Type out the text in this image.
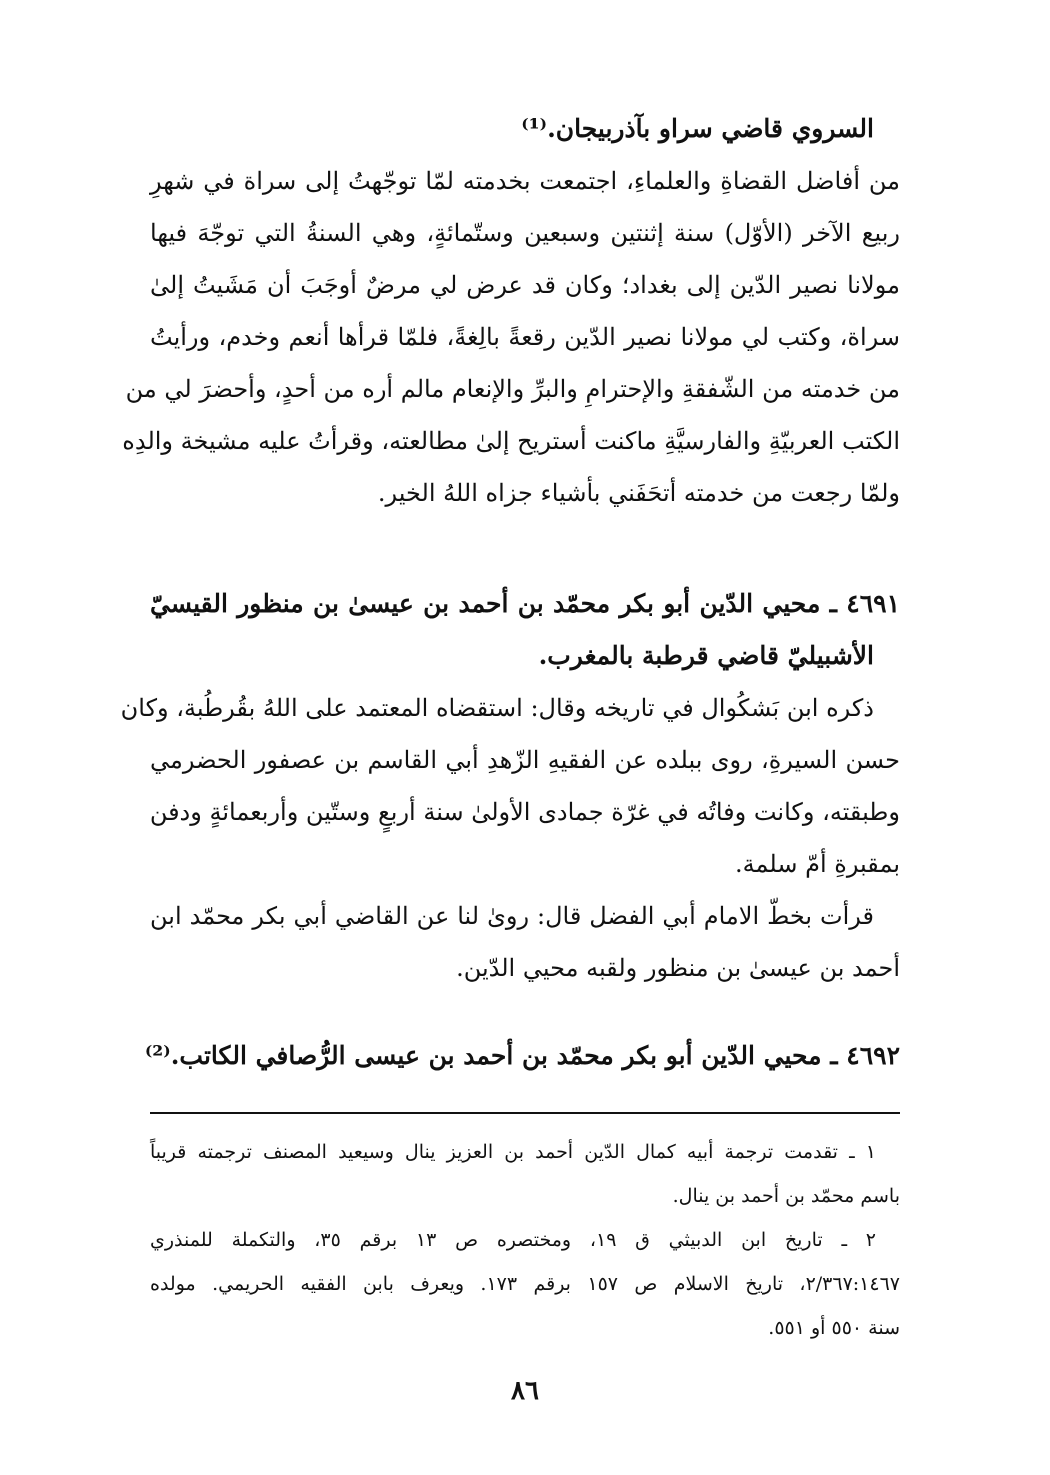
السروي قاضي سراو بآذربيجان.⁽¹⁾
من أفاضل القضاةِ والعلماءِ، اجتمعت بخدمته لمّا توجّهتُ إلى سراة في شهرِ
ربيع الآخر (الأوّل) سنة إثنتين وسبعين وستّمائةٍ، وهي السنةُ التي توجّهَ فيها
مولانا نصير الدّين إلى بغداد؛ وكان قد عرض لي مرضٌ أوجَبَ أن مَشَيتُ إلىٰ
سراة، وكتب لي مولانا نصير الدّين رقعةً بالِغةً، فلمّا قرأها أنعم وخدم، ورأيتُ
من خدمته من الشّفقةِ والإحترامِ والبرِّ والإنعام مالم أره من أحدٍ، وأحضرَ لي من
الكتب العربيّةِ والفارسيَّةِ ماكنت أستريح إلىٰ مطالعته، وقرأتُ عليه مشيخة والدِه
ولمّا رجعت من خدمته أتحَفَني بأشياء جزاه اللهُ الخير.
٤٦٩١ ـ محيي الدّين أبو بكر محمّد بن أحمد بن عيسىٰ بن منظور القيسيّ
الأشبيليّ قاضي قرطبة بالمغرب.
ذكره ابن بَشكُوال في تاريخه وقال: استقضاه المعتمد على اللهُ بقُرطُبة، وكان
حسن السيرةِ، روى ببلده عن الفقيهِ الزّهدِ أبي القاسم بن عصفور الحضرمي
وطبقته، وكانت وفاتُه في غرّة جمادى الأولىٰ سنة أربعٍ وستّين وأربعمائةٍ ودفن
بمقبرةِ أمّ سلمة.
قرأت بخطّ الامام أبي الفضل قال: روىٰ لنا عن القاضي أبي بكر محمّد ابن
أحمد بن عيسىٰ بن منظور ولقبه محيي الدّين.
٤٦٩٢ ـ محيي الدّين أبو بكر محمّد بن أحمد بن عيسى الرُّصافي الكاتب.⁽²⁾
١ ـ تقدمت ترجمة أبيه كمال الدّين أحمد بن العزيز ينال وسيعيد المصنف ترجمته قريباً
باسم محمّد بن أحمد بن ينال.
٢ ـ تاريخ ابن الدبيثي ق ١٩، ومختصره ص ١٣ برقم ٣٥، والتكملة للمنذري
٢/٣٦٧:١٤٦٧، تاريخ الاسلام ص ١٥٧ برقم ١٧٣. ويعرف بابن الفقيه الحريمي. مولده
سنة ٥٥٠ أو ٥٥١.
٨٦
